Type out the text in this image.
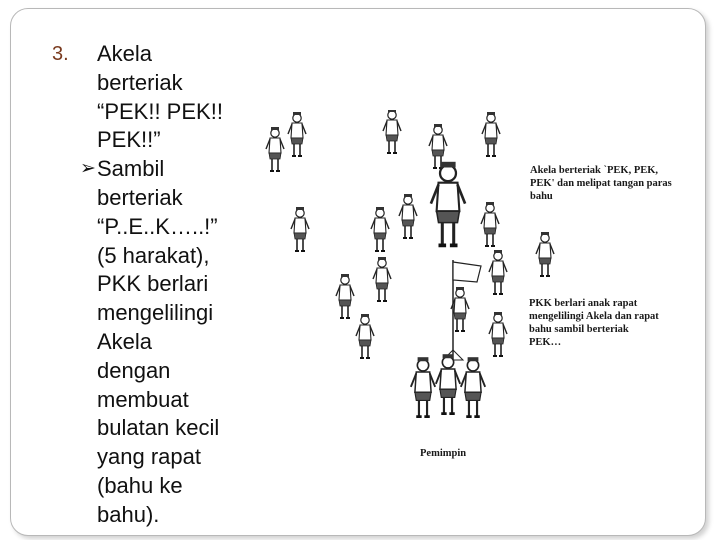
3. Akela
berteriak
“PEK!! PEK!!
PEK!!”
➢ Sambil
berteriak
“P..E..K…..!”
(5 harakat),
PKK berlari
mengelilingi
Akela
dengan
membuat
bulatan kecil
yang rapat
(bahu ke
bahu).
Akela berteriak `PEK, PEK,
PEK' dan melipat tangan paras
bahu
PKK berlari anak rapat
mengelilingi Akela dan rapat
bahu sambil berteriak
PEK…
Pemimpin
